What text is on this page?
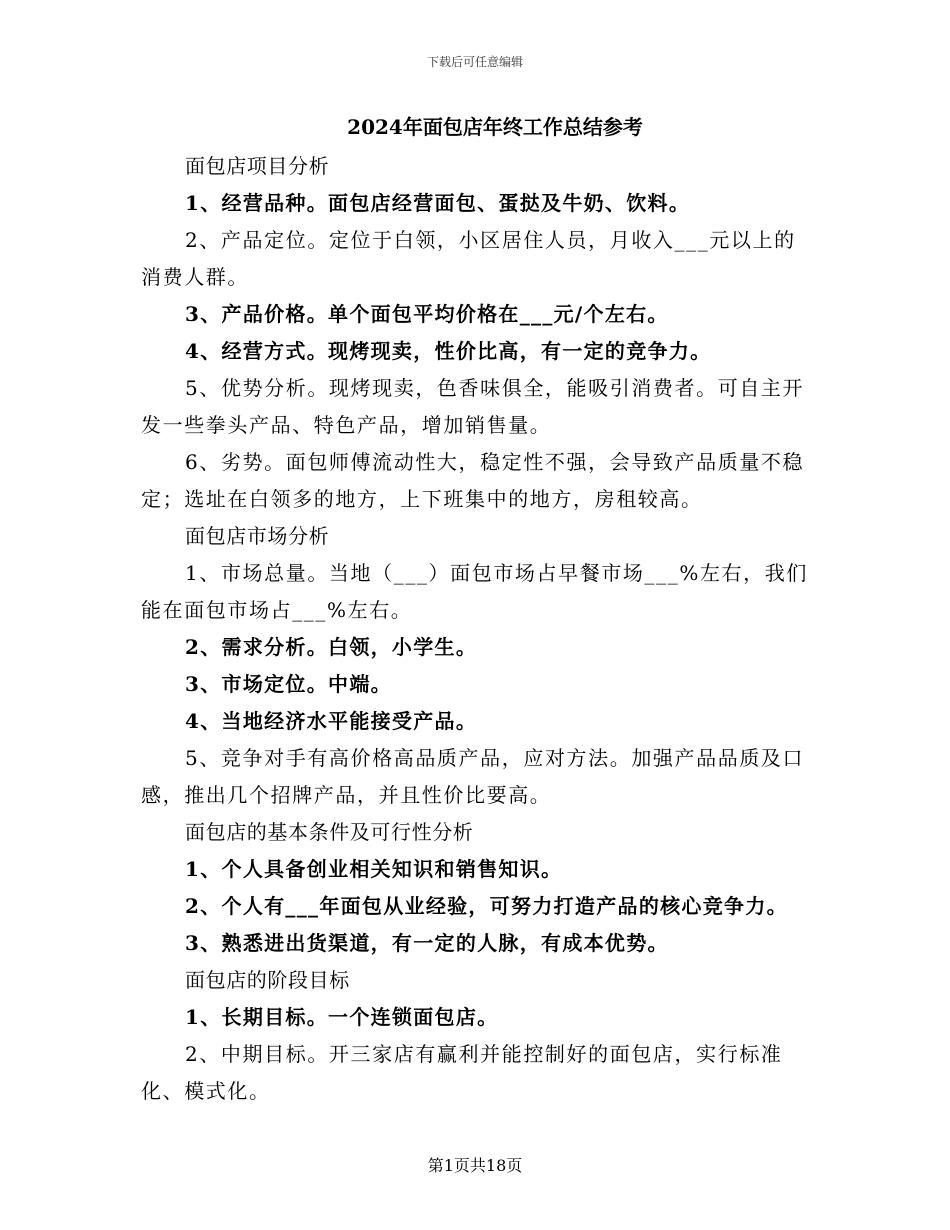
下载后可任意编辑
2024年面包店年终工作总结参考

面包店项目分析

1、经营品种。面包店经营面包、蛋挞及牛奶、饮料。

2、产品定位。定位于白领，小区居住人员，月收入___元以上的消费人群。

3、产品价格。单个面包平均价格在___元/个左右。

4、经营方式。现烤现卖，性价比高，有一定的竞争力。

5、优势分析。现烤现卖，色香味俱全，能吸引消费者。可自主开发一些拳头产品、特色产品，增加销售量。

6、劣势。面包师傅流动性大，稳定性不强，会导致产品质量不稳定；选址在白领多的地方，上下班集中的地方，房租较高。

面包店市场分析

1、市场总量。当地（___）面包市场占早餐市场___%左右，我们能在面包市场占___%左右。

2、需求分析。白领，小学生。

3、市场定位。中端。

4、当地经济水平能接受产品。

5、竞争对手有高价格高品质产品，应对方法。加强产品品质及口感，推出几个招牌产品，并且性价比要高。

面包店的基本条件及可行性分析

1、个人具备创业相关知识和销售知识。

2、个人有___年面包从业经验，可努力打造产品的核心竞争力。

3、熟悉进出货渠道，有一定的人脉，有成本优势。

面包店的阶段目标

1、长期目标。一个连锁面包店。

2、中期目标。开三家店有赢利并能控制好的面包店，实行标准化、模式化。

第1页共18页
